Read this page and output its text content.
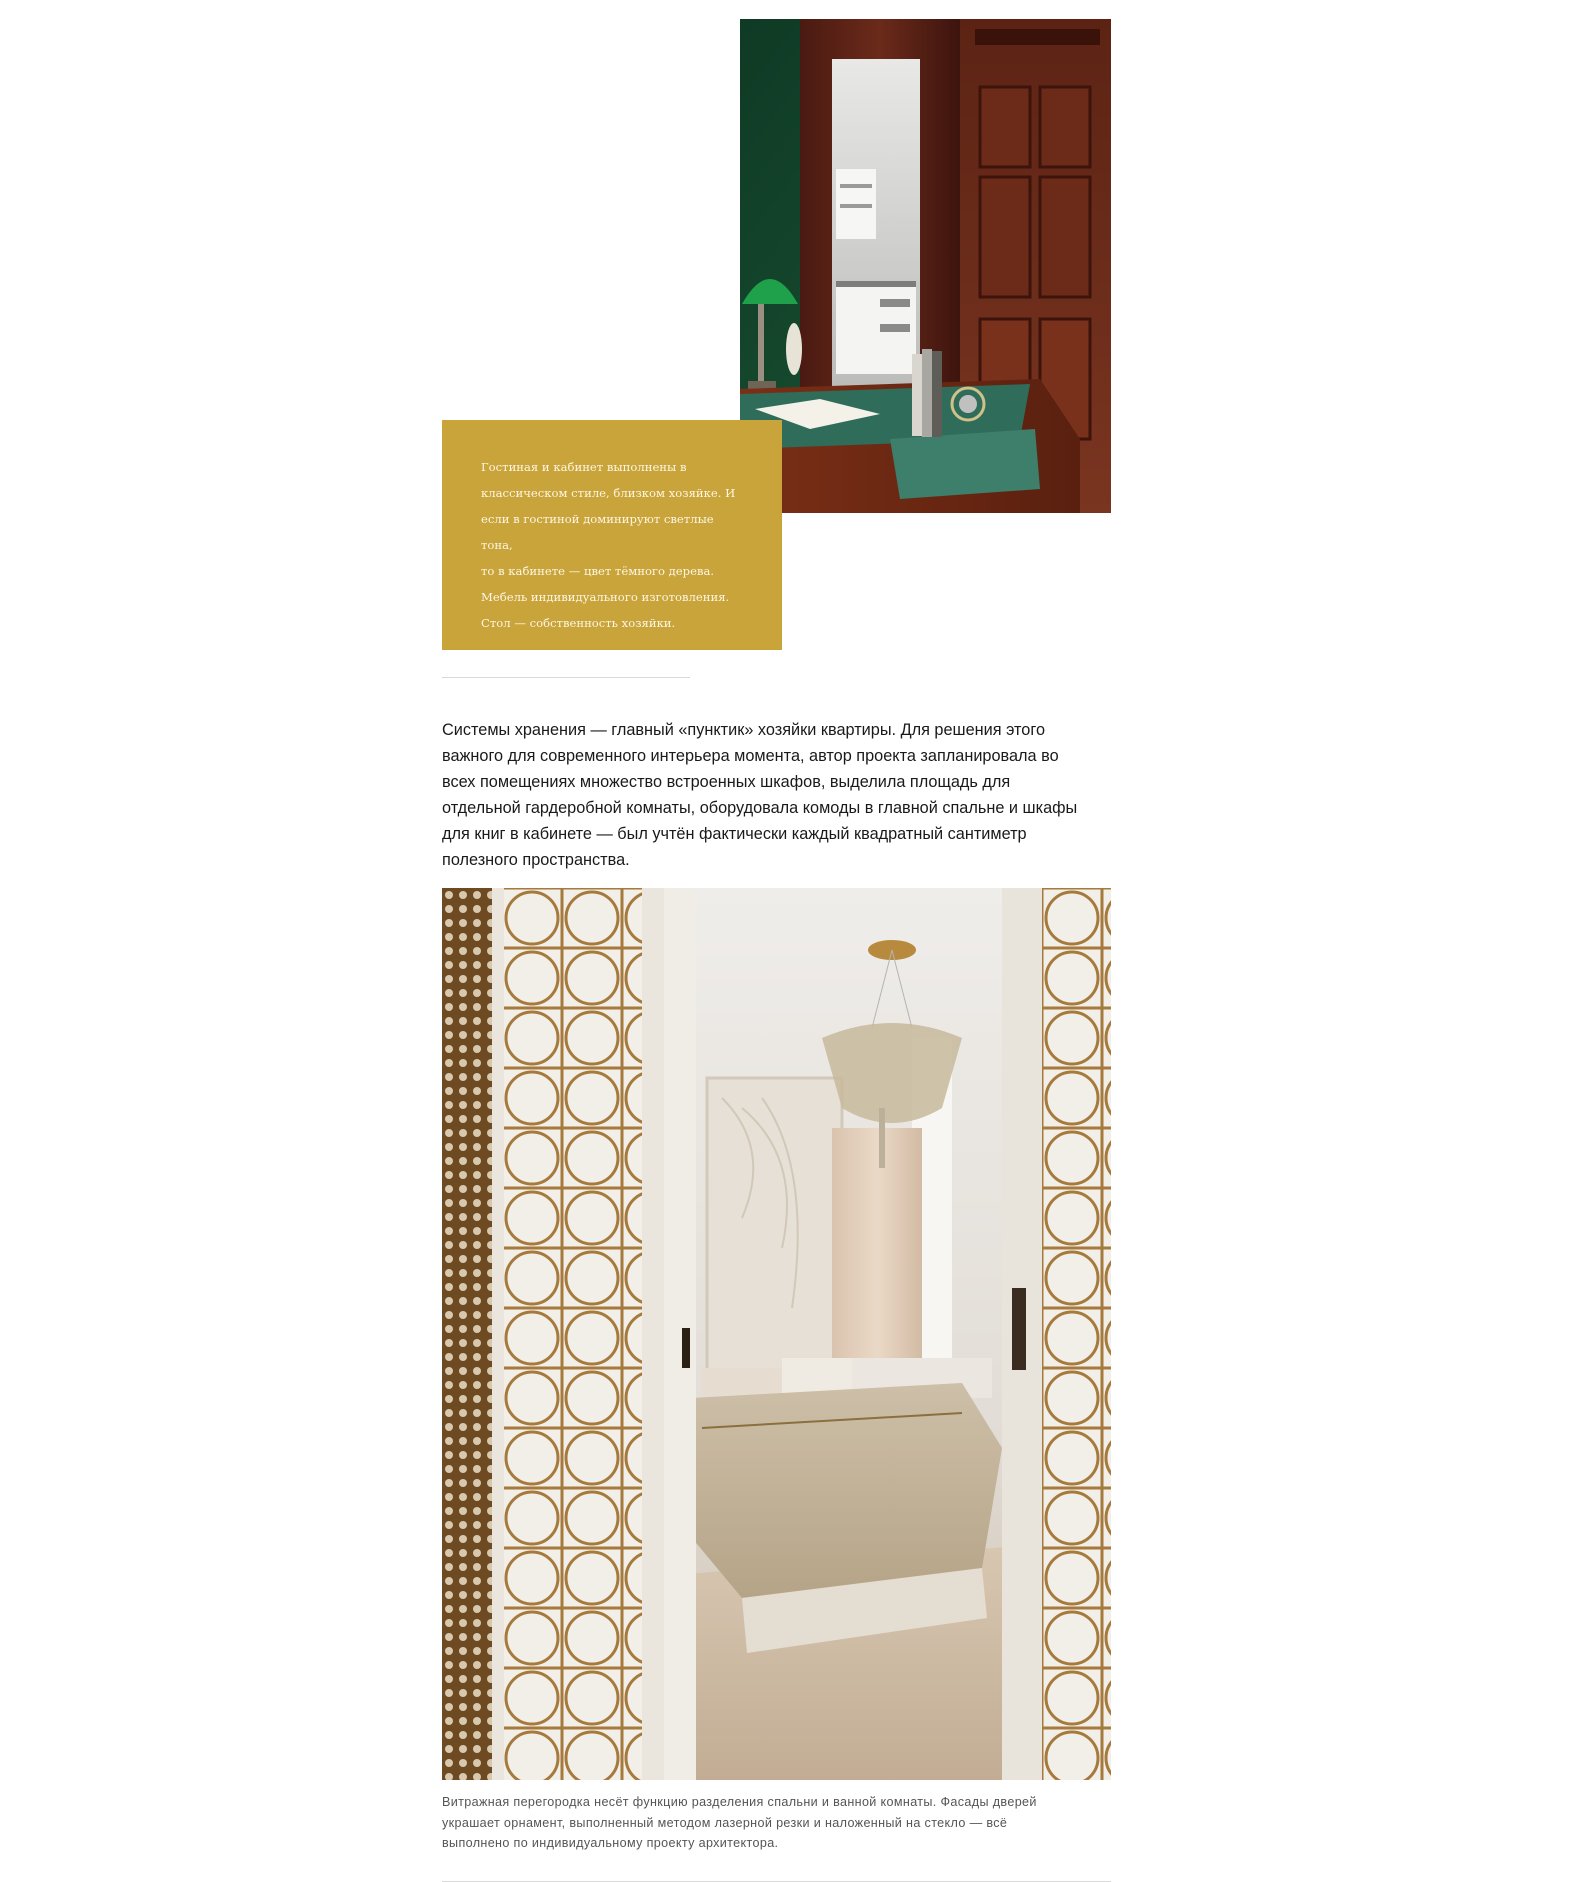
Гостиная и кабинет выполнены в
классическом стиле, близком хозяйке. И
если в гостиной доминируют светлые тона,
то в кабинете — цвет тёмного дерева.
Мебель индивидуального изготовления.
Стол — собственность хозяйки.

Системы хранения — главный «пунктик» хозяйки квартиры. Для решения этого
важного для современного интерьера момента, автор проекта запланировала во
всех помещениях множество встроенных шкафов, выделила площадь для
отдельной гардеробной комнаты, оборудовала комоды в главной спальне и шкафы
для книг в кабинете — был учтён фактически каждый квадратный сантиметр
полезного пространства.

Витражная перегородка несёт функцию разделения спальни и ванной комнаты. Фасады дверей
украшает орнамент, выполненный методом лазерной резки и наложенный на стекло — всё
выполнено по индивидуальному проекту архитектора.
